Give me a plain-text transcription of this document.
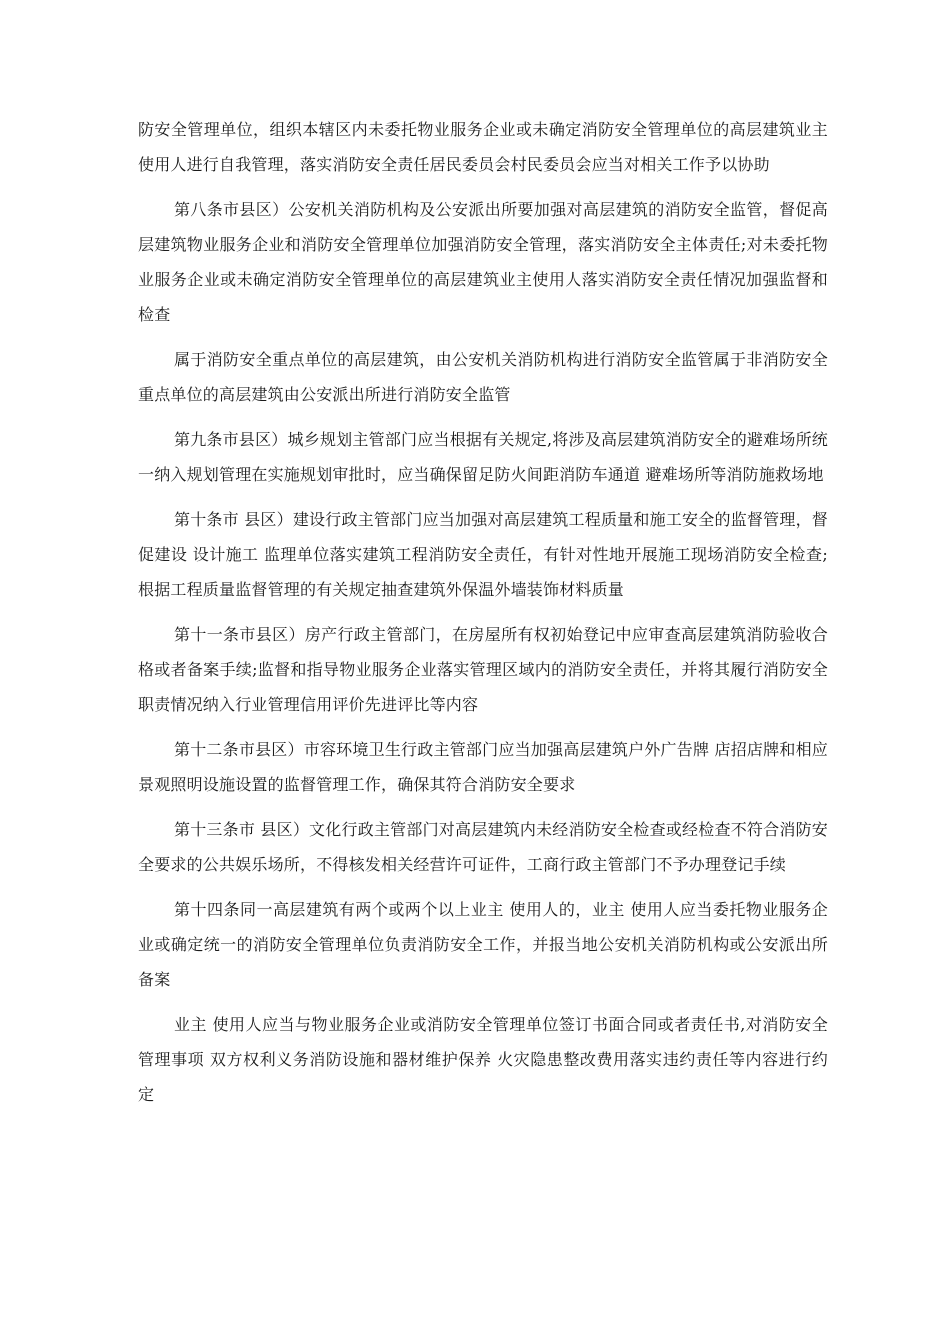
防安全管理单位，组织本辖区内未委托物业服务企业或未确定消防安全管理单位的高层建筑业主使用人进行自我管理，落实消防安全责任居民委员会村民委员会应当对相关工作予以协助

第八条市县区）公安机关消防机构及公安派出所要加强对高层建筑的消防安全监管，督促高层建筑物业服务企业和消防安全管理单位加强消防安全管理，落实消防安全主体责任;对未委托物业服务企业或未确定消防安全管理单位的高层建筑业主使用人落实消防安全责任情况加强监督和检查

属于消防安全重点单位的高层建筑，由公安机关消防机构进行消防安全监管属于非消防安全重点单位的高层建筑由公安派出所进行消防安全监管

第九条市县区）城乡规划主管部门应当根据有关规定,将涉及高层建筑消防安全的避难场所统一纳入规划管理在实施规划审批时，应当确保留足防火间距消防车通道 避难场所等消防施救场地

第十条市 县区）建设行政主管部门应当加强对高层建筑工程质量和施工安全的监督管理，督促建设 设计施工 监理单位落实建筑工程消防安全责任，有针对性地开展施工现场消防安全检查;根据工程质量监督管理的有关规定抽查建筑外保温外墙装饰材料质量

第十一条市县区）房产行政主管部门，在房屋所有权初始登记中应审查高层建筑消防验收合格或者备案手续;监督和指导物业服务企业落实管理区域内的消防安全责任，并将其履行消防安全职责情况纳入行业管理信用评价先进评比等内容

第十二条市县区）市容环境卫生行政主管部门应当加强高层建筑户外广告牌 店招店牌和相应景观照明设施设置的监督管理工作，确保其符合消防安全要求

第十三条市 县区）文化行政主管部门对高层建筑内未经消防安全检查或经检查不符合消防安全要求的公共娱乐场所，不得核发相关经营许可证件，工商行政主管部门不予办理登记手续

第十四条同一高层建筑有两个或两个以上业主 使用人的，业主 使用人应当委托物业服务企业或确定统一的消防安全管理单位负责消防安全工作，并报当地公安机关消防机构或公安派出所备案

业主 使用人应当与物业服务企业或消防安全管理单位签订书面合同或者责任书,对消防安全管理事项 双方权利义务消防设施和器材维护保养 火灾隐患整改费用落实违约责任等内容进行约定
